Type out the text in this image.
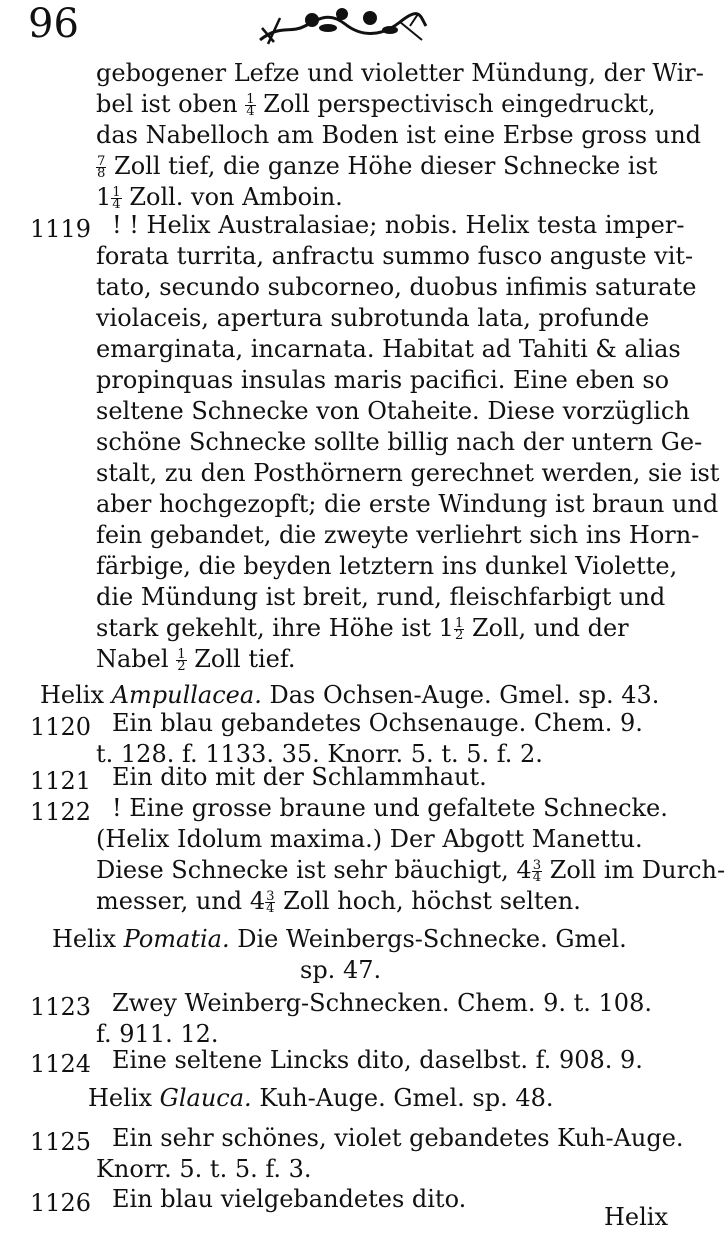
96
gebogener Lefze und violetter Mündung, der Wir-
bel ist oben $\frac{1}{4}$ Zoll perspectivisch eingedruckt,
das Nabelloch am Boden ist eine Erbse gross und
$\frac{7}{8}$ Zoll tief, die ganze Höhe dieser Schnecke ist
$1 \frac{1}{4}$ Zoll. von Amboin.
1119 ! ! Helix Australasiae; nobis. Helix testa imper-
forata turrita, anfractu summo fusco anguste vit-
tato, secundo subcorneo, duobus infimis saturate
violaceis, apertura subrotunda lata, profunde
emarginata, incarnata. Habitat ad Tahiti & alias
propinquas insulas maris pacifici. Eine eben so
seltene Schnecke von Otaheite. Diese vorzüglich
schöne Schnecke sollte billig nach der untern Ge-
stalt, zu den Posthörnern gerechnet werden, sie ist
aber hochgezopft; die erste Windung ist braun und
fein gebandet, die zweyte verliehrt sich ins Horn-
färbige, die beyden letztern ins dunkel Violette,
die Mündung ist breit, rund, fleischfarbigt und
stark gekehlt, ihre Höhe ist $1 \frac{1}{2}$ Zoll, und der
Nabel $\frac{1}{2}$ Zoll tief.
Helix Ampullacea. Das Ochsen-Auge. Gmel. sp. 43.
1120 Ein blau gebandetes Ochsenauge. Chem. 9.
t. 128. f. 1133. 35. Knorr. 5. t. 5. f. 2.
1121 Ein dito mit der Schlammhaut.
1122 ! Eine grosse braune und gefaltete Schnecke.
(Helix Idolum maxima.) Der Abgott Manettu.
Diese Schnecke ist sehr bäuchigt, $4 \frac{3}{4}$ Zoll im Durch-
messer, und $4 \frac{3}{4}$ Zoll hoch, höchst selten.
Helix Pomatia. Die Weinbergs-Schnecke. Gmel.
sp. 47.
1123 Zwey Weinberg-Schnecken. Chem. 9. t. 108.
f. 911. 12.
1124 Eine seltene Lincks dito, daselbst. f. 908. 9.
Helix Glauca. Kuh-Auge. Gmel. sp. 48.
1125 Ein sehr schönes, violet gebandetes Kuh-Auge.
Knorr. 5. t. 5. f. 3.
1126 Ein blau vielgebandetes dito.
Helix
